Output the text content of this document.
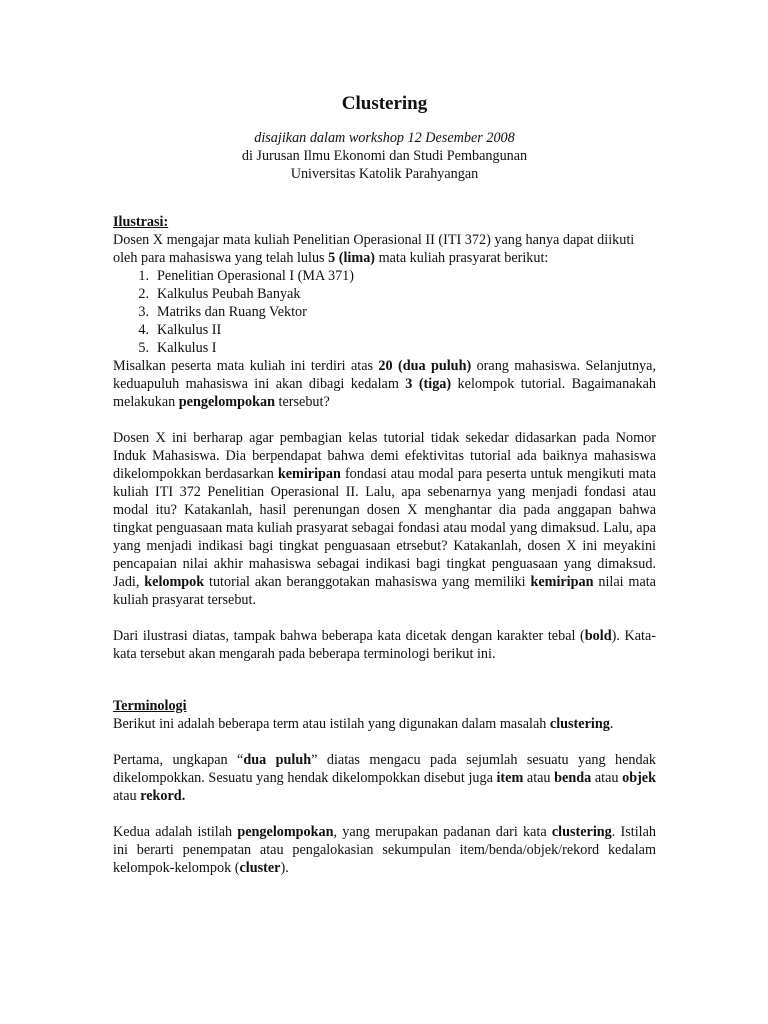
Clustering

disajikan dalam workshop 12 Desember 2008

di Jurusan Ilmu Ekonomi dan Studi Pembangunan

Universitas Katolik Parahyangan

Ilustrasi:

Dosen X mengajar mata kuliah Penelitian Operasional II (ITI 372) yang hanya dapat diikuti oleh para mahasiswa yang telah lulus 5 (lima) mata kuliah prasyarat berikut:

1. Penelitian Operasional I (MA 371)
2. Kalkulus Peubah Banyak
3. Matriks dan Ruang Vektor
4. Kalkulus II
5. Kalkulus I

Misalkan peserta mata kuliah ini terdiri atas 20 (dua puluh) orang mahasiswa. Selanjutnya, keduapuluh mahasiswa ini akan dibagi kedalam 3 (tiga) kelompok tutorial. Bagaimanakah melakukan pengelompokan tersebut?

Dosen X ini berharap agar pembagian kelas tutorial tidak sekedar didasarkan pada Nomor Induk Mahasiswa. Dia berpendapat bahwa demi efektivitas tutorial ada baiknya mahasiswa dikelompokkan berdasarkan kemiripan fondasi atau modal para peserta untuk mengikuti mata kuliah ITI 372 Penelitian Operasional II. Lalu, apa sebenarnya yang menjadi fondasi atau modal itu? Katakanlah, hasil perenungan dosen X menghantar dia pada anggapan bahwa tingkat penguasaan mata kuliah prasyarat sebagai fondasi atau modal yang dimaksud. Lalu, apa yang menjadi indikasi bagi tingkat penguasaan etrsebut? Katakanlah, dosen X ini meyakini pencapaian nilai akhir mahasiswa sebagai indikasi bagi tingkat penguasaan yang dimaksud. Jadi, kelompok tutorial akan beranggotakan mahasiswa yang memiliki kemiripan nilai mata kuliah prasyarat tersebut.

Dari ilustrasi diatas, tampak bahwa beberapa kata dicetak dengan karakter tebal (bold). Kata-kata tersebut akan mengarah pada beberapa terminologi berikut ini.

Terminologi

Berikut ini adalah beberapa term atau istilah yang digunakan dalam masalah clustering.

Pertama, ungkapan “dua puluh” diatas mengacu pada sejumlah sesuatu yang hendak dikelompokkan. Sesuatu yang hendak dikelompokkan disebut juga item atau benda atau objek atau rekord.

Kedua adalah istilah pengelompokan, yang merupakan padanan dari kata clustering. Istilah ini berarti penempatan atau pengalokasian sekumpulan item/benda/objek/rekord kedalam kelompok-kelompok (cluster).
